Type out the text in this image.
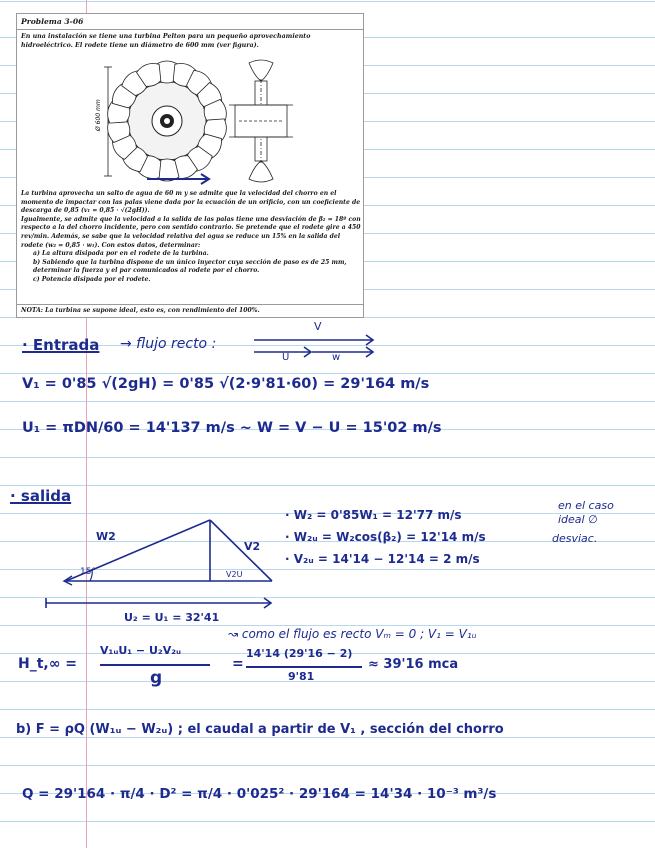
Problema 3-06

En una instalación se tiene una turbina Pelton para un pequeño aprovechamiento hidroeléctrico. El rodete tiene un diámetro de 600 mm (ver figura).

Ø 600 mm

La turbina aprovecha un salto de agua de 60 m y se admite que la velocidad del chorro en el momento de impactar con las palas viene dada por la ecuación de un orificio, con un coeficiente de descarga de 0,85 (v₁ = 0,85 · √(2gH)).

Igualmente, se admite que la velocidad a la salida de las palas tiene una desviación de β₂ = 18º con respecto a la del chorro incidente, pero con sentido contrario. Se pretende que el rodete gire a 450 rev/min. Además, se sabe que la velocidad relativa del agua se reduce un 15% en la salida del rodete (w₂ = 0,85 · w₁). Con estos datos, determinar:

a) La altura disipada por en el rodete de la turbina.

b) Sabiendo que la turbina dispone de un único inyector cuya sección de paso es de 25 mm, determinar la fuerza y el par comunicados al rodete por el chorro.

c) Potencia disipada por el rodete.

NOTA: La turbina se supone ideal, esto es, con rendimiento del 100%.
· Entrada → flujo recto :
V
U	w
V₁ = 0'85 √(2gH) = 0'85 √(2·9'81·60) = 29'164 m/s
U₁ = πDN/60 = 14'137 m/s ~ W = V − U = 15'02 m/s
· salida
W2
V2
15°	V2U
U₂ = U₁ = 32'41
· W₂ = 0'85W₁ = 12'77 m/s
· W₂ᵤ = W₂cos(β₂) = 12'14 m/s
· V₂ᵤ = 14'14 − 12'14 = 2 m/s
en el caso
ideal ∅
desviac.
↝ como el flujo es recto Vₘ = 0 ; V₁ = V₁ᵤ
H_t,∞ =
V₁ᵤU₁ − U₂V₂ᵤ
g
=
14'14 (29'16 − 2)
9'81
≈ 39'16 mca
b) F = ρQ (W₁ᵤ − W₂ᵤ) ; el caudal a partir de V₁ , sección del chorro
Q = 29'164 · π/4 · D² = π/4 · 0'025² · 29'164 = 14'34 · 10⁻³ m³/s
